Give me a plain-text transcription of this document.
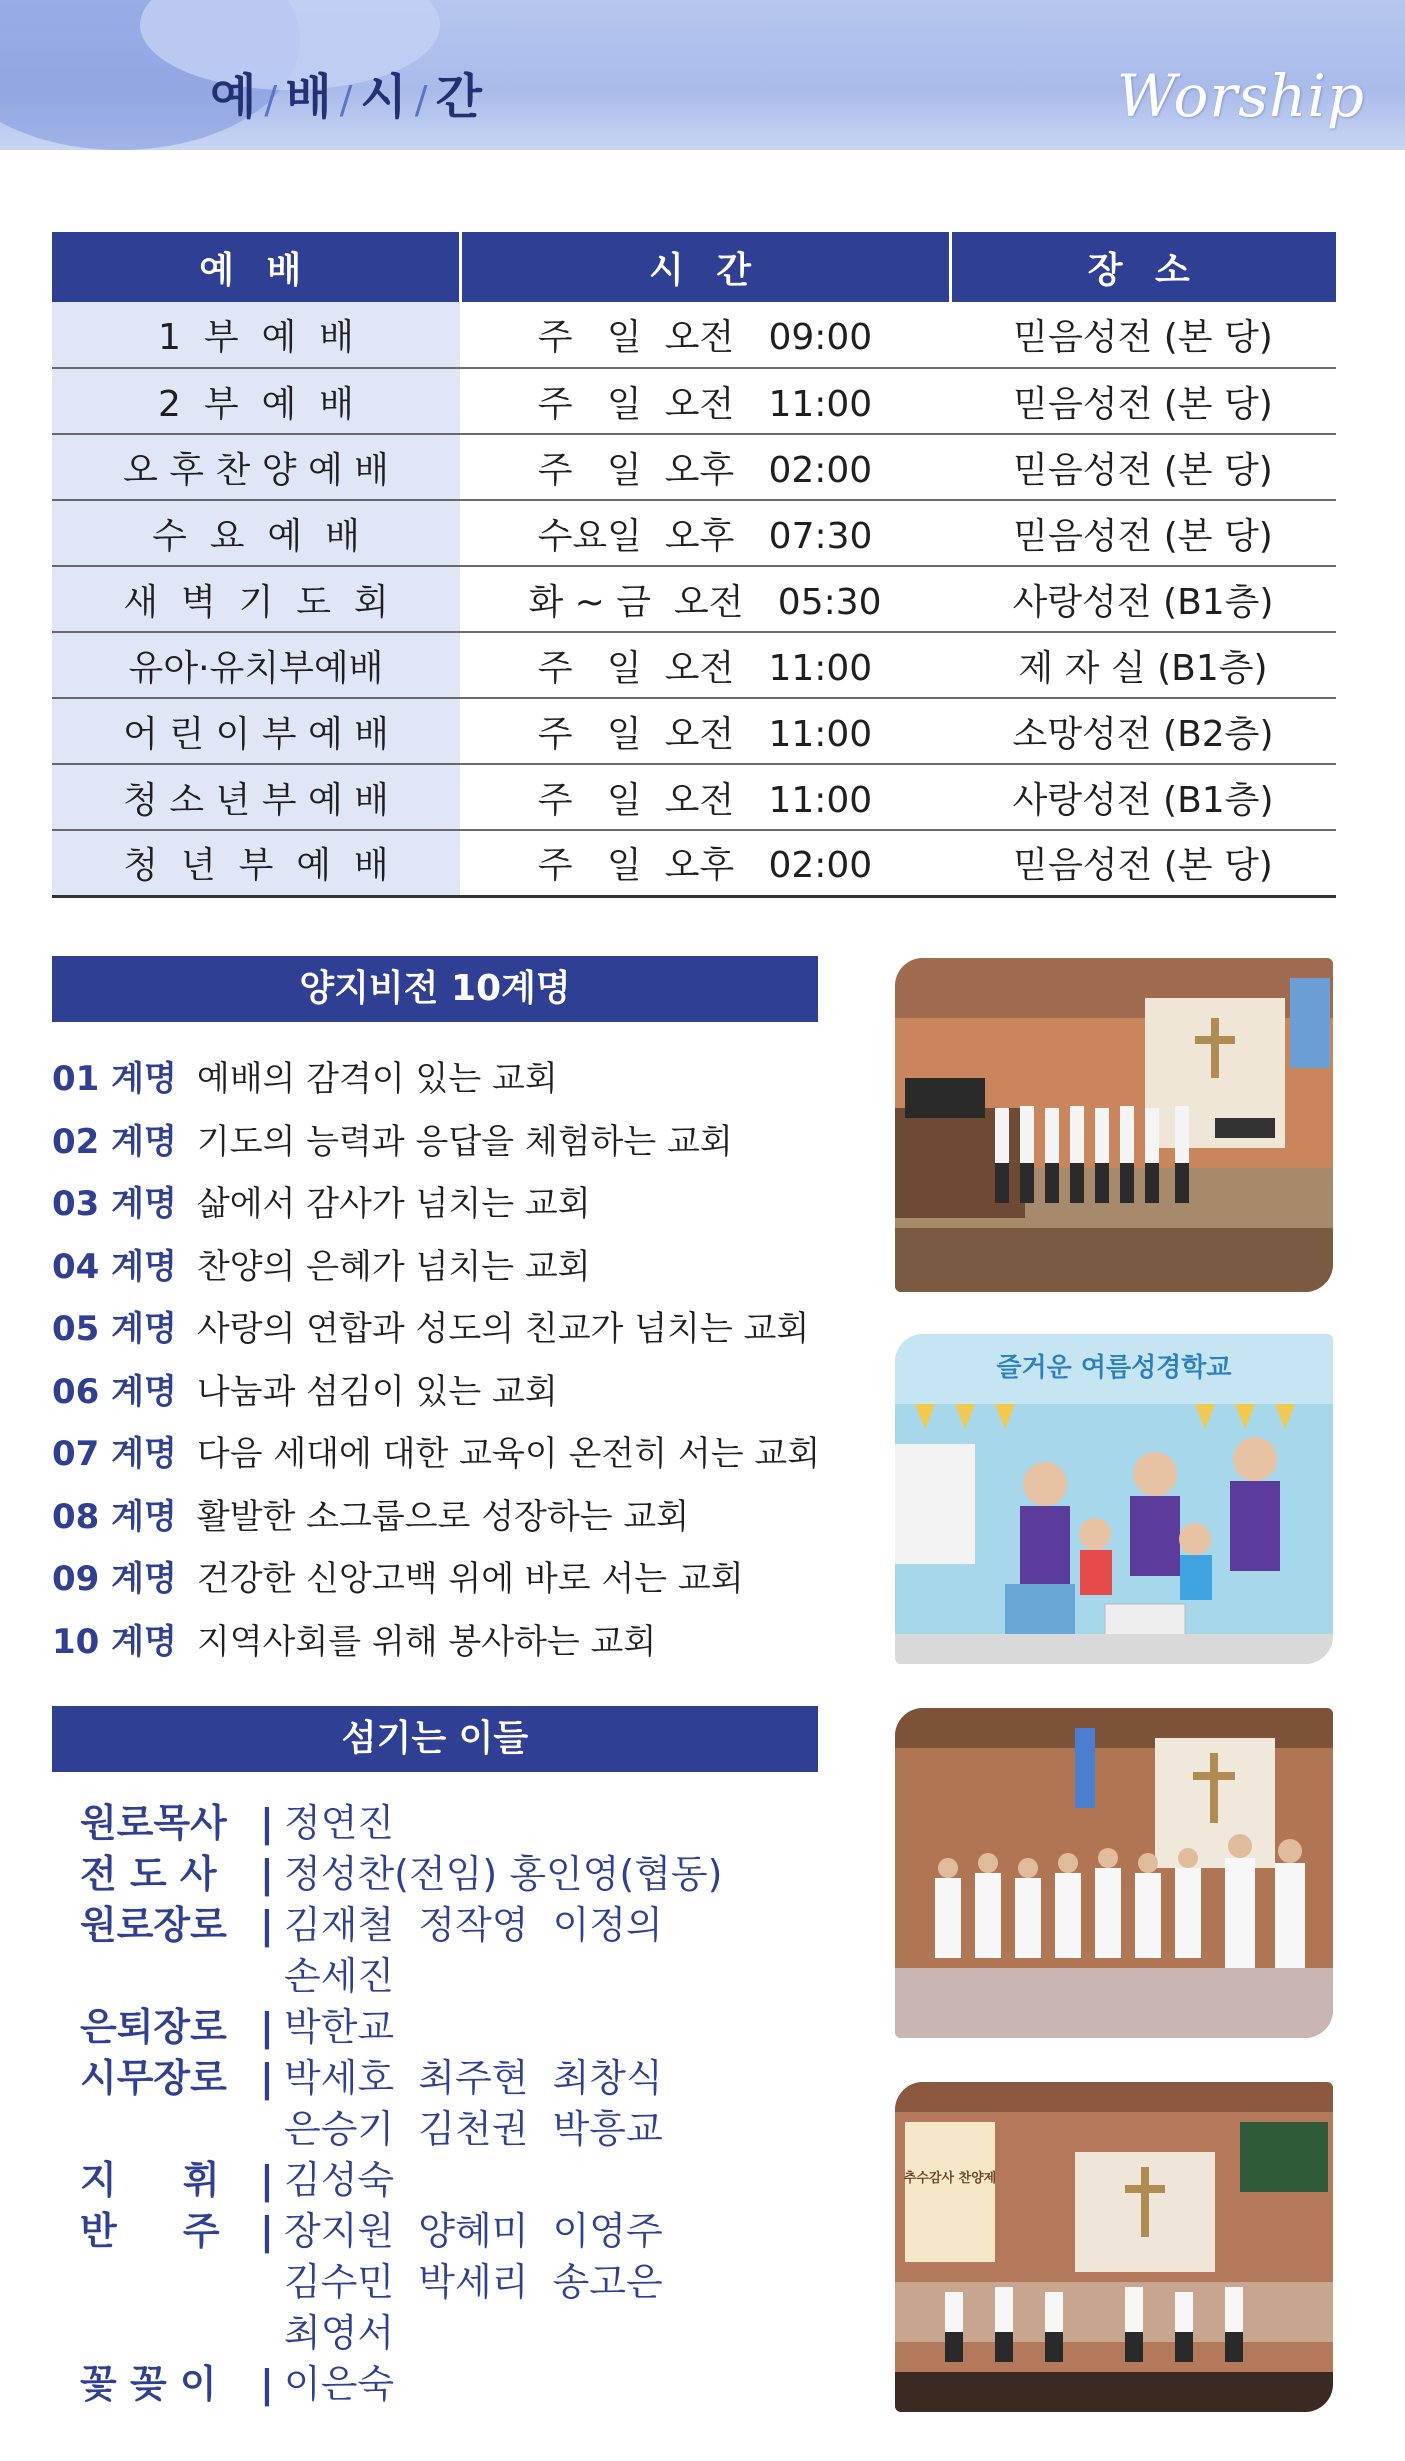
예 /배 /시 /간	Worship
예 배	시 간	장 소
1  부  예  배	주   일  오전   09:00	믿음성전 (본 당)
2  부  예  배	주   일  오전   11:00	믿음성전 (본 당)
오 후 찬 양 예 배	주   일  오후   02:00	믿음성전 (본 당)
수  요  예  배	수요일  오후   07:30	믿음성전 (본 당)
새  벽  기  도  회	화 ~ 금  오전   05:30	사랑성전 (B1층)
유아·유치부예배	주   일  오전   11:00	제 자 실 (B1층)
어 린 이 부 예 배	주   일  오전   11:00	소망성전 (B2층)
청 소 년 부 예 배	주   일  오전   11:00	사랑성전 (B1층)
청  년  부  예  배	주   일  오후   02:00	믿음성전 (본 당)
양지비전 10계명
01 계명 예배의 감격이 있는 교회
02 계명 기도의 능력과 응답을 체험하는 교회
03 계명 삶에서 감사가 넘치는 교회
04 계명 찬양의 은혜가 넘치는 교회
05 계명 사랑의 연합과 성도의 친교가 넘치는 교회
06 계명 나눔과 섬김이 있는 교회
07 계명 다음 세대에 대한 교육이 온전히 서는 교회
08 계명 활발한 소그룹으로 성장하는 교회
09 계명 건강한 신앙고백 위에 바로 서는 교회
10 계명 지역사회를 위해 봉사하는 교회
섬기는 이들
원로목사 | 정연진
전 도 사	| 정성찬(전임) 홍인영(협동)
원로장로 | 김재철  정작영  이정의
손세진
은퇴장로 | 박한교
시무장로 | 박세호  최주현  최창식
은승기  김천권  박흥교
지     휘	| 김성숙
반     주	| 장지원  양혜미  이영주
김수민  박세리  송고은
최영서
꽃 꽂 이	| 이은숙
즐거운 여름성경학교
추수감사 찬양제
